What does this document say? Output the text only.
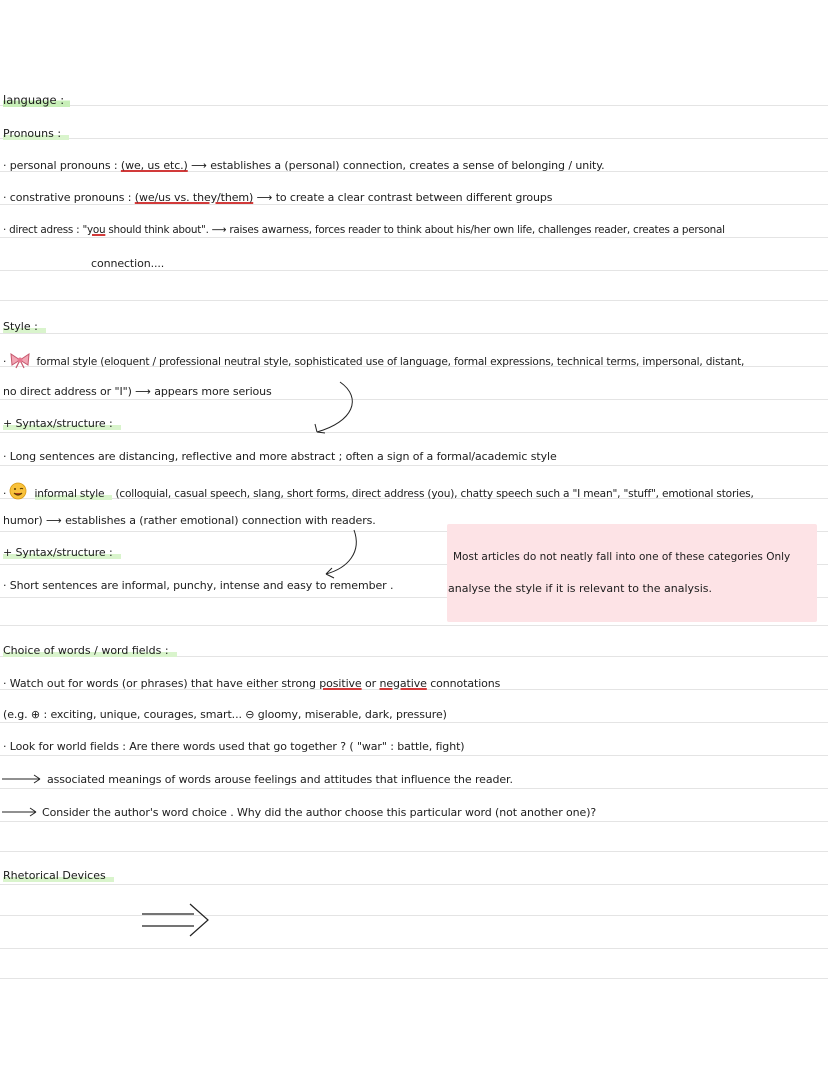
language :
Pronouns :
· personal pronouns : (we, us etc.) ⟶ establishes a (personal) connection, creates a sense of belonging / unity.
· constrative pronouns : (we/us vs. they/them) ⟶ to create a clear contrast between different groups
· direct adress : "you should think about". ⟶ raises awarness, forces reader to think about his/her own life, challenges reader, creates a personal
connection....
Style :
·	formal style (eloquent / professional neutral style, sophisticated use of language, formal expressions, technical terms, impersonal, distant,
no direct address or "I") ⟶ appears more serious
+ Syntax/structure :
· Long sentences are distancing, reflective and more abstract ; often a sign of a formal/academic style
·	informal style (colloquial, casual speech, slang, short forms, direct address (you), chatty speech such a "I mean", "stuff", emotional stories,
humor) ⟶ establishes a (rather emotional) connection with readers.
+ Syntax/structure :
· Short sentences are informal, punchy, intense and easy to remember .
Most articles do not neatly fall into one of these categories Only
analyse the style if it is relevant to the analysis.
Choice of words / word fields :
· Watch out for words (or phrases) that have either strong positive or negative connotations
(e.g. ⊕ : exciting, unique, courages, smart... ⊖ gloomy, miserable, dark, pressure)
· Look for world fields : Are there words used that go together ? ( "war" : battle, fight)
associated meanings of words arouse feelings and attitudes that influence the reader.
Consider the author's word choice . Why did the author choose this particular word (not another one)?
Rhetorical Devices
